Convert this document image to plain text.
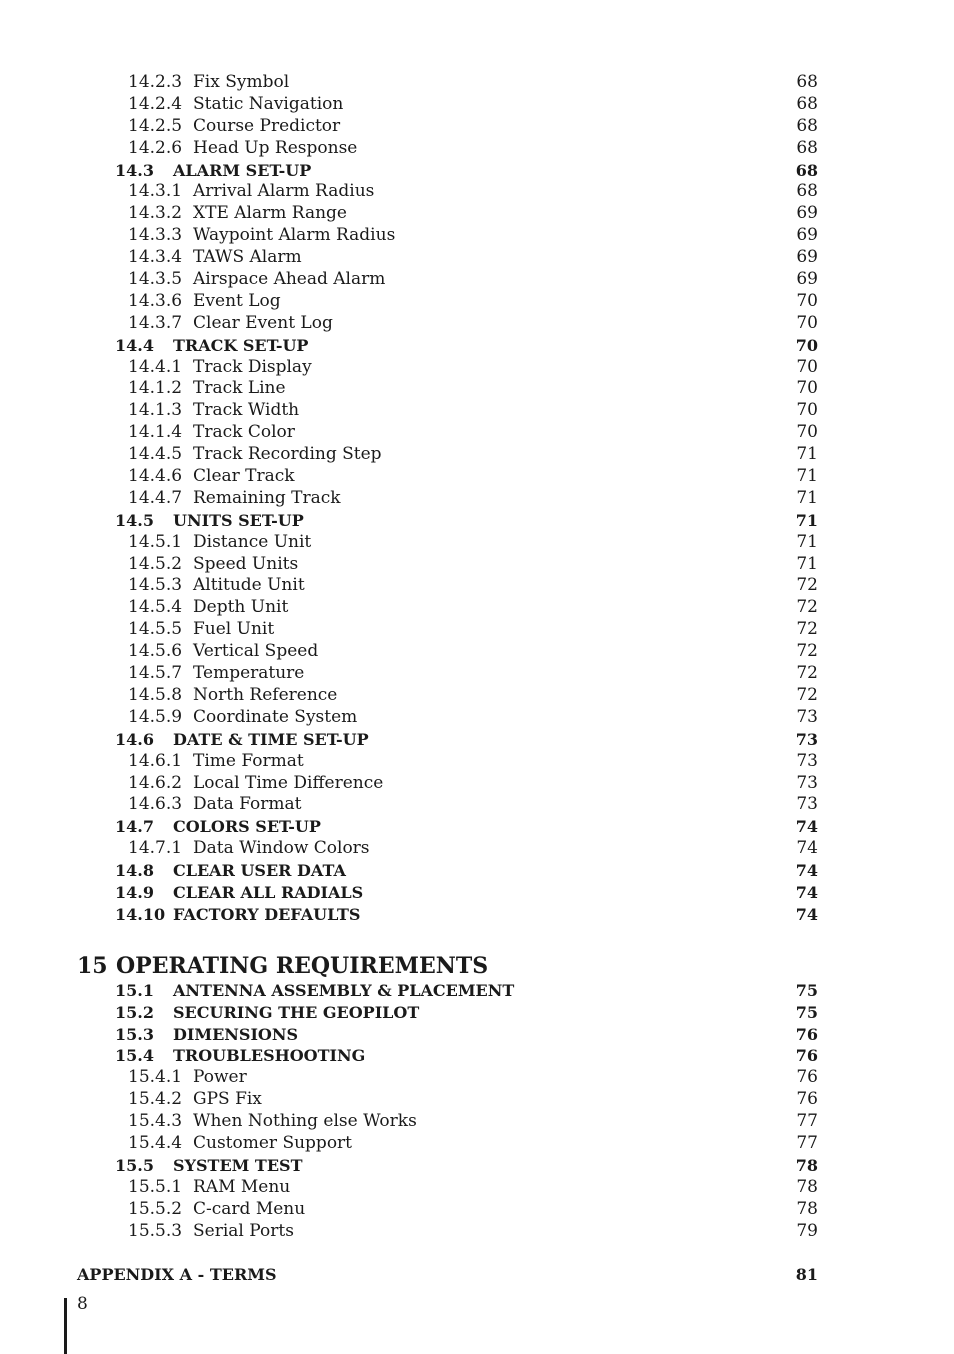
14.2.3 Fix Symbol	68
14.2.4 Static Navigation	68
14.2.5 Course Predictor	68
14.2.6 Head Up Response	68
14.3 ALARM SET-UP	68
14.3.1 Arrival Alarm Radius	68
14.3.2 XTE Alarm Range	69
14.3.3 Waypoint Alarm Radius	69
14.3.4 TAWS Alarm	69
14.3.5 Airspace Ahead Alarm	69
14.3.6 Event Log	70
14.3.7 Clear Event Log	70
14.4 TRACK SET-UP	70
14.4.1 Track Display	70
14.1.2 Track Line	70
14.1.3 Track Width	70
14.1.4 Track Color	70
14.4.5 Track Recording Step	71
14.4.6 Clear Track	71
14.4.7 Remaining Track	71
14.5 UNITS SET-UP	71
14.5.1 Distance Unit	71
14.5.2 Speed Units	71
14.5.3 Altitude Unit	72
14.5.4 Depth Unit	72
14.5.5 Fuel Unit	72
14.5.6 Vertical Speed	72
14.5.7 Temperature	72
14.5.8 North Reference	72
14.5.9 Coordinate System	73
14.6 DATE & TIME SET-UP	73
14.6.1 Time Format	73
14.6.2 Local Time Difference	73
14.6.3 Data Format	73
14.7 COLORS SET-UP	74
14.7.1 Data Window Colors	74
14.8 CLEAR USER DATA	74
14.9 CLEAR ALL RADIALS	74
14.10 FACTORY DEFAULTS	74
15 OPERATING REQUIREMENTS
15.1 ANTENNA ASSEMBLY & PLACEMENT	75
15.2 SECURING THE GEOPILOT	75
15.3 DIMENSIONS	76
15.4 TROUBLESHOOTING	76
15.4.1 Power	76
15.4.2 GPS Fix	76
15.4.3 When Nothing else Works	77
15.4.4 Customer Support	77
15.5 SYSTEM TEST	78
15.5.1 RAM Menu	78
15.5.2 C-card Menu	78
15.5.3 Serial Ports	79
APPENDIX A - TERMS	81
8
